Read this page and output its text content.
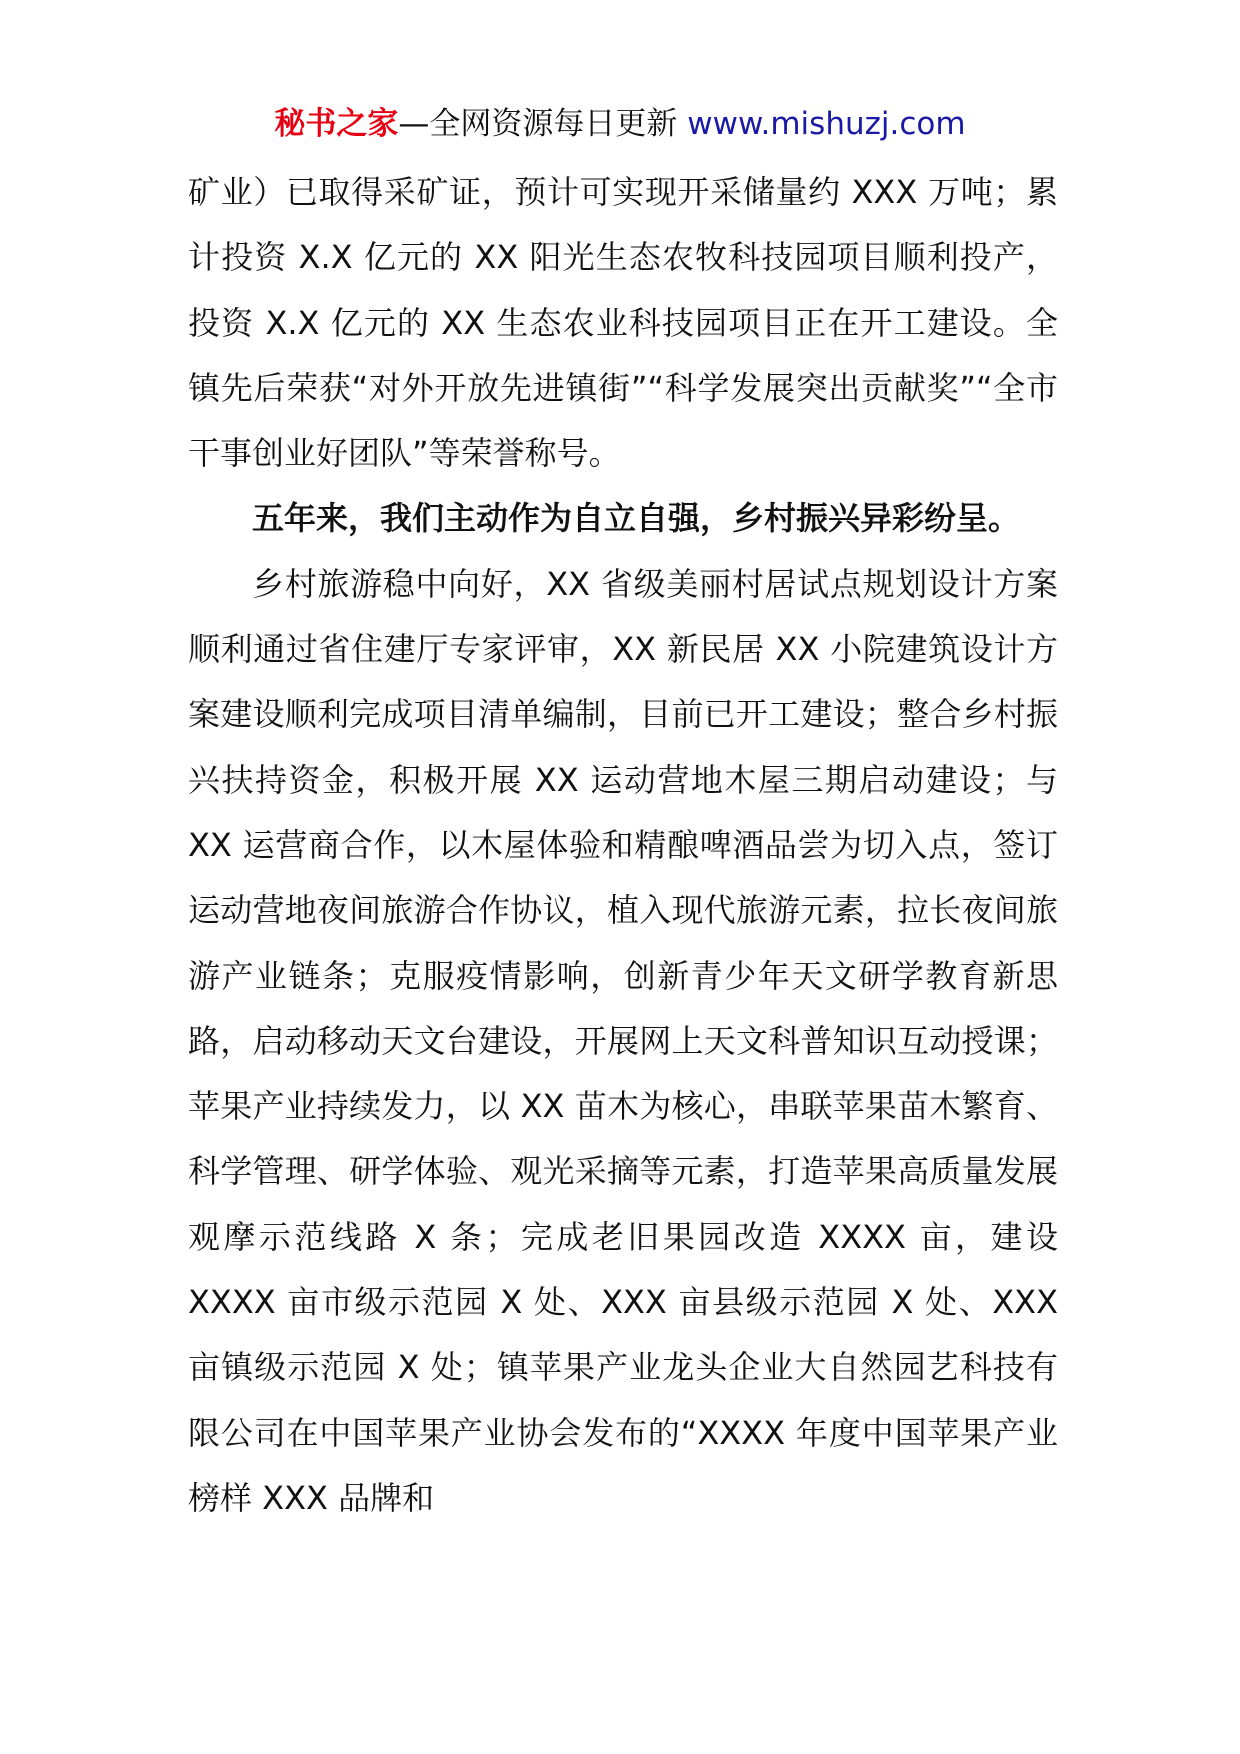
秘书之家—全网资源每日更新 www.mishuzj.com

矿业）已取得采矿证，预计可实现开采储量约 XXX 万吨；累计投资 X.X 亿元的 XX 阳光生态农牧科技园项目顺利投产，投资 X.X 亿元的 XX 生态农业科技园项目正在开工建设。全镇先后荣获“对外开放先进镇街”“科学发展突出贡献奖”“全市干事创业好团队”等荣誉称号。

五年来，我们主动作为自立自强，乡村振兴异彩纷呈。

乡村旅游稳中向好，XX 省级美丽村居试点规划设计方案顺利通过省住建厅专家评审，XX 新民居 XX 小院建筑设计方案建设顺利完成项目清单编制，目前已开工建设；整合乡村振兴扶持资金，积极开展 XX 运动营地木屋三期启动建设；与 XX 运营商合作，以木屋体验和精酿啤酒品尝为切入点，签订运动营地夜间旅游合作协议，植入现代旅游元素，拉长夜间旅游产业链条；克服疫情影响，创新青少年天文研学教育新思路，启动移动天文台建设，开展网上天文科普知识互动授课；苹果产业持续发力，以 XX 苗木为核心，串联苹果苗木繁育、科学管理、研学体验、观光采摘等元素，打造苹果高质量发展观摩示范线路 X 条；完成老旧果园改造 XXXX 亩，建设 XXXX 亩市级示范园 X 处、XXX 亩县级示范园 X 处、XXX 亩镇级示范园 X 处；镇苹果产业龙头企业大自然园艺科技有限公司在中国苹果产业协会发布的“XXXX 年度中国苹果产业榜样 XXX 品牌和
